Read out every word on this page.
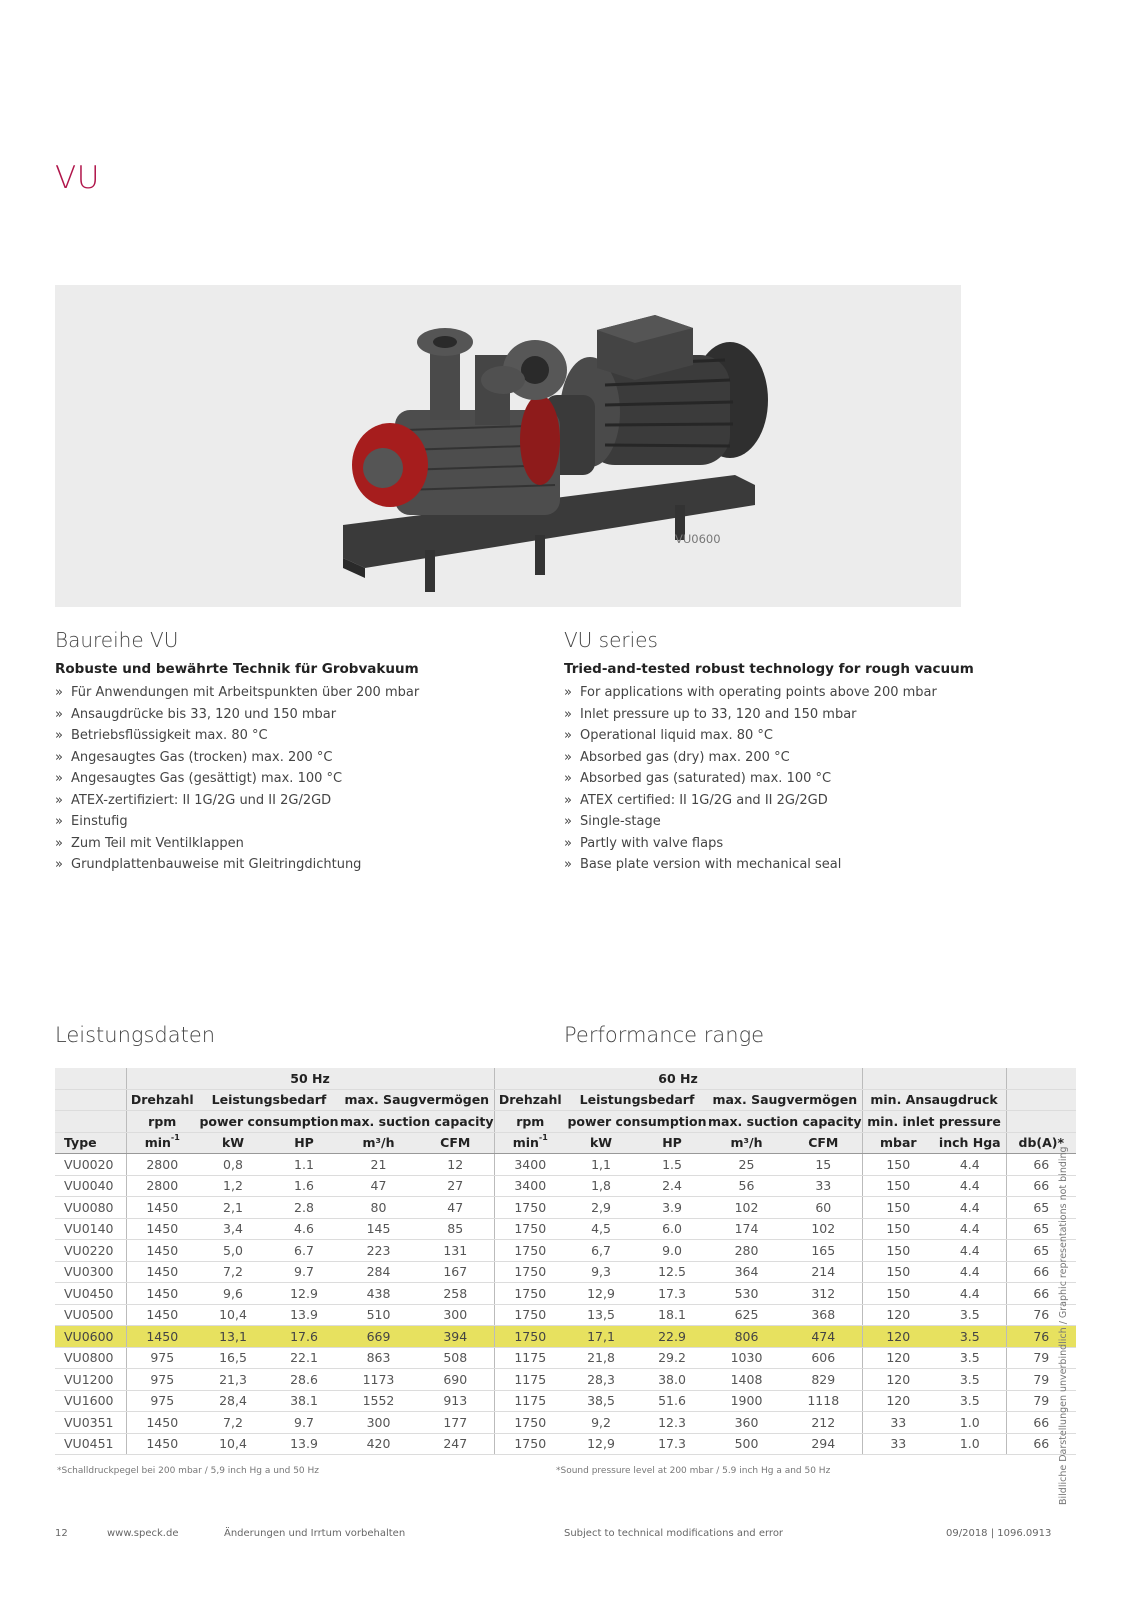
VU
VU0600
Baureihe VU
Robuste und bewährte Technik für Grobvakuum
» Für Anwendungen mit Arbeitspunkten über 200 mbar
» Ansaugdrücke bis 33, 120 und 150 mbar
» Betriebsflüssigkeit max. 80 °C
» Angesaugtes Gas (trocken) max. 200 °C
» Angesaugtes Gas (gesättigt) max. 100 °C
» ATEX-zertifiziert: II 1G/2G und II 2G/2GD
» Einstufig
» Zum Teil mit Ventilklappen
» Grundplattenbauweise mit Gleitringdichtung
VU series
Tried-and-tested robust technology for rough vacuum
» For applications with operating points above 200 mbar
» Inlet pressure up to 33, 120 and 150 mbar
» Operational liquid max. 80 °C
» Absorbed gas (dry) max. 200 °C
» Absorbed gas (saturated) max. 100 °C
» ATEX certified: II 1G/2G and II 2G/2GD
» Single-stage
» Partly with valve flaps
» Base plate version with mechanical seal
Leistungsdaten	Performance range
	50 Hz					60 Hz							
	Drehzahl	Leistungsbedarf		max. Saugvermögen		Drehzahl	Leistungsbedarf		max. Saugvermögen		min. Ansaugdruck		
	rpm	power consumption		max. suction capacity		rpm	power consumption		max. suction capacity		min. inlet pressure		
Type	$\min^{-1}$	kW	HP	m³/h	CFM	$\min^{-1}$	kW	HP	m³/h	CFM	mbar	inch Hga	db(A)*
VU0020	2800	0,8	1.1	21	12	3400	1,1	1.5	25	15	150	4.4	66
VU0040	2800	1,2	1.6	47	27	3400	1,8	2.4	56	33	150	4.4	66
VU0080	1450	2,1	2.8	80	47	1750	2,9	3.9	102	60	150	4.4	65
VU0140	1450	3,4	4.6	145	85	1750	4,5	6.0	174	102	150	4.4	65
VU0220	1450	5,0	6.7	223	131	1750	6,7	9.0	280	165	150	4.4	65
VU0300	1450	7,2	9.7	284	167	1750	9,3	12.5	364	214	150	4.4	66
VU0450	1450	9,6	12.9	438	258	1750	12,9	17.3	530	312	150	4.4	66
VU0500	1450	10,4	13.9	510	300	1750	13,5	18.1	625	368	120	3.5	76
VU0600	1450	13,1	17.6	669	394	1750	17,1	22.9	806	474	120	3.5	76
VU0800	975	16,5	22.1	863	508	1175	21,8	29.2	1030	606	120	3.5	79
VU1200	975	21,3	28.6	1173	690	1175	28,3	38.0	1408	829	120	3.5	79
VU1600	975	28,4	38.1	1552	913	1175	38,5	51.6	1900	1118	120	3.5	79
VU0351	1450	7,2	9.7	300	177	1750	9,2	12.3	360	212	33	1.0	66
VU0451	1450	10,4	13.9	420	247	1750	12,9	17.3	500	294	33	1.0	66
*Schalldruckpegel bei 200 mbar / 5,9 inch Hg a und 50 Hz	*Sound pressure level at 200 mbar / 5.9 inch Hg a and 50 Hz	Bildliche Darstellungen unverbindlich / Graphic representations not binding
12	www.speck.de	Änderungen und Irrtum vorbehalten	Subject to technical modifications and error	09/2018 | 1096.0913
